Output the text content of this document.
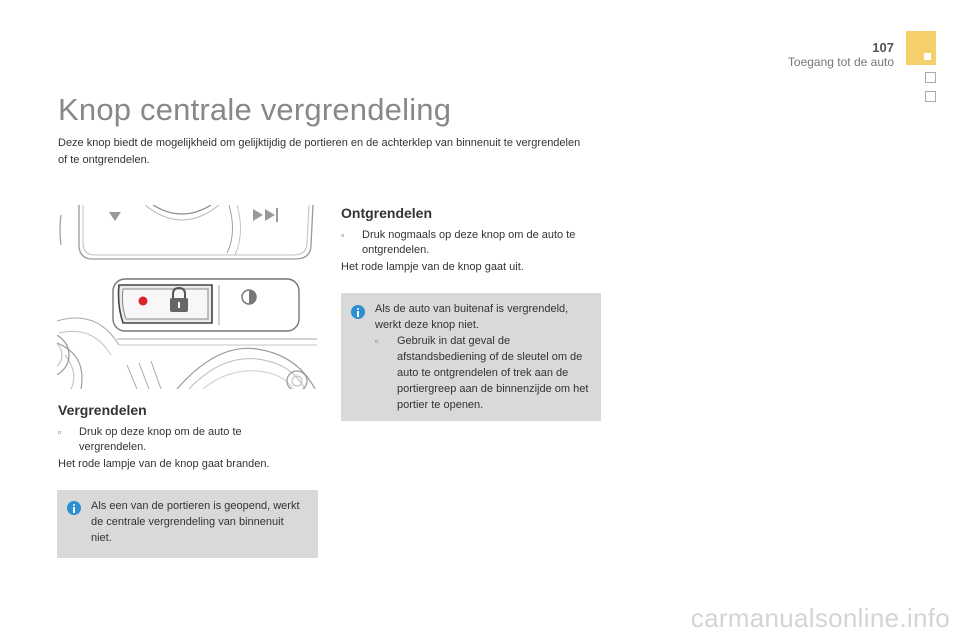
107
Toegang tot de auto
Knop centrale vergrendeling

Deze knop biedt de mogelijkheid om gelijktijdig de portieren en de achterklep van binnenuit te vergrendelen of te ontgrendelen.

Vergrendelen
▫	Druk op deze knop om de auto te vergrendelen.
Het rode lampje van de knop gaat branden.
Als een van de portieren is geopend, werkt de centrale vergrendeling van binnenuit niet.
Ontgrendelen
▫	Druk nogmaals op deze knop om de auto te ontgrendelen.
Het rode lampje van de knop gaat uit.
Als de auto van buitenaf is vergrendeld, werkt deze knop niet.
▫	Gebruik in dat geval de afstandsbediening of de sleutel om de auto te ontgrendelen of trek aan de portiergreep aan de binnenzijde om het portier te openen.
carmanualsonline.info
